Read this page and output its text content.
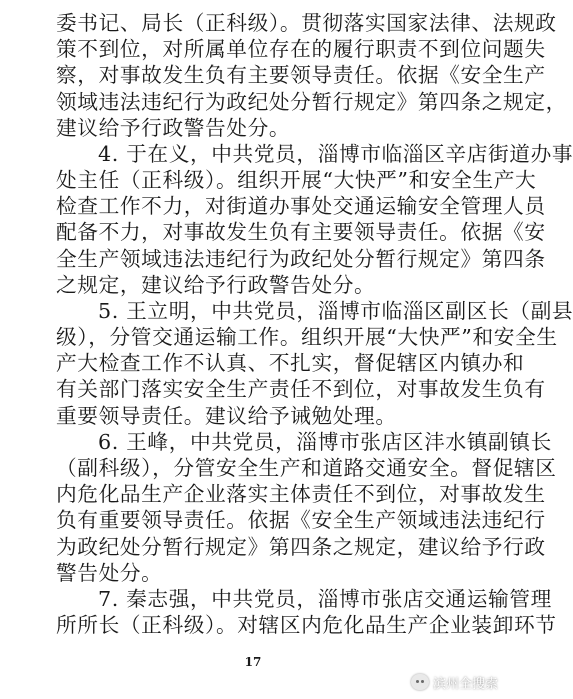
委书记、局长（正科级）。贯彻落实国家法律、法规政
策不到位，对所属单位存在的履行职责不到位问题失
察，对事故发生负有主要领导责任。依据《安全生产
领域违法违纪行为政纪处分暂行规定》第四条之规定，
建议给予行政警告处分。
4. 于在义，中共党员，淄博市临淄区辛店街道办事
处主任（正科级）。组织开展“大快严”和安全生产大
检查工作不力，对街道办事处交通运输安全管理人员
配备不力，对事故发生负有主要领导责任。依据《安
全生产领域违法违纪行为政纪处分暂行规定》第四条
之规定，建议给予行政警告处分。
5. 王立明，中共党员，淄博市临淄区副区长（副县
级），分管交通运输工作。组织开展“大快严”和安全生
产大检查工作不认真、不扎实，督促辖区内镇办和
有关部门落实安全生产责任不到位，对事故发生负有
重要领导责任。建议给予诫勉处理。
6. 王峰，中共党员，淄博市张店区沣水镇副镇长
（副科级），分管安全生产和道路交通安全。督促辖区
内危化品生产企业落实主体责任不到位，对事故发生
负有重要领导责任。依据《安全生产领域违法违纪行
为政纪处分暂行规定》第四条之规定，建议给予行政
警告处分。
7. 秦志强，中共党员，淄博市张店交通运输管理
所所长（正科级）。对辖区内危化品生产企业装卸环节
17
滨州全搜索
